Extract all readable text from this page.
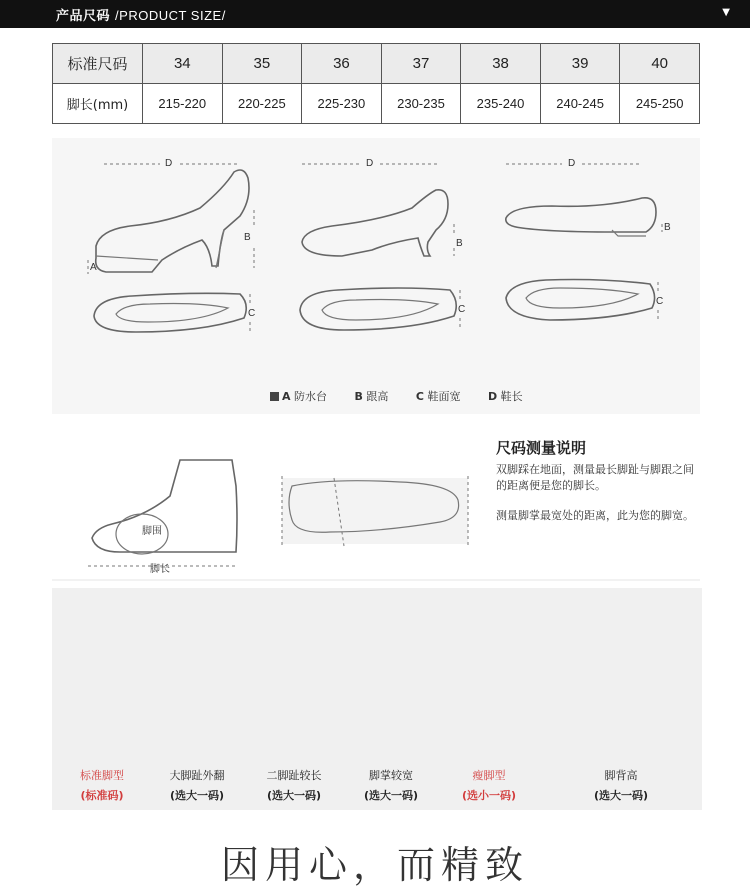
产品尺码 /PRODUCT SIZE/	▼
标准尺码	34	35	36	37	38	39	40
脚长(mm)	215-220	220-225	225-230	230-235	235-240	240-245	245-250
D	D	D
B
B
B
A
C	C
C
A 防水台	B 跟高	C 鞋面宽	D 鞋长
脚围
脚长
尺码测量说明
双脚踩在地面，测量最长脚趾与脚跟之间的距离便是您的脚长。
测量脚掌最宽处的距离，此为您的脚宽。
标准脚型
(标准码)
大脚趾外翻
(选大一码)
二脚趾较长
(选大一码)
脚掌较宽
(选大一码)
瘦脚型
(选小一码)
脚背高
(选大一码)
因用心，而精致
